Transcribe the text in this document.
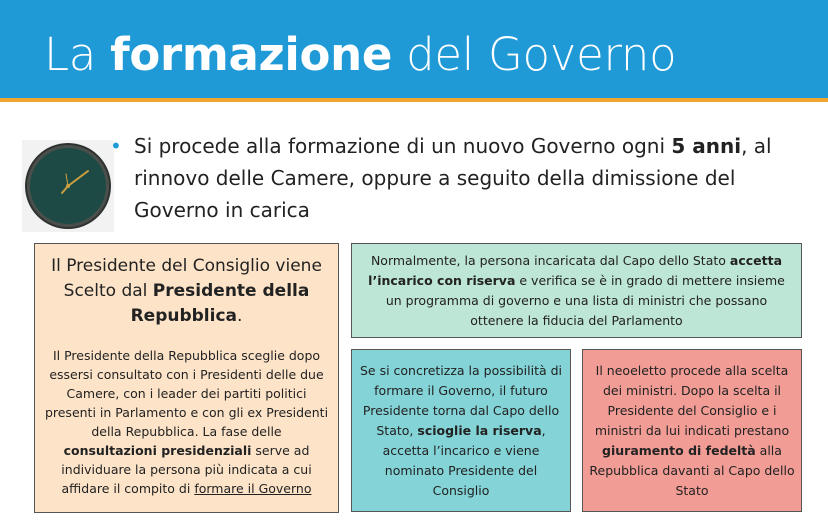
La formazione del Governo
• Si procede alla formazione di un nuovo Governo ogni 5 anni, al rinnovo delle Camere, oppure a seguito della dimissione del Governo in carica
Il Presidente del Consiglio viene Scelto dal Presidente della Repubblica.
Il Presidente della Repubblica sceglie dopo essersi consultato con i Presidenti delle due Camere, con i leader dei partiti politici presenti in Parlamento e con gli ex Presidenti della Repubblica. La fase delle consultazioni presidenziali serve ad individuare la persona più indicata a cui affidare il compito di formare il Governo
Normalmente, la persona incaricata dal Capo dello Stato accetta l’incarico con riserva e verifica se è in grado di mettere insieme un programma di governo e una lista di ministri che possano ottenere la fiducia del Parlamento
Se si concretizza la possibilità di formare il Governo, il futuro Presidente torna dal Capo dello Stato, scioglie la riserva, accetta l’incarico e viene nominato Presidente del Consiglio
Il neoeletto procede alla scelta dei ministri. Dopo la scelta il Presidente del Consiglio e i ministri da lui indicati prestano giuramento di fedeltà alla Repubblica davanti al Capo dello Stato
